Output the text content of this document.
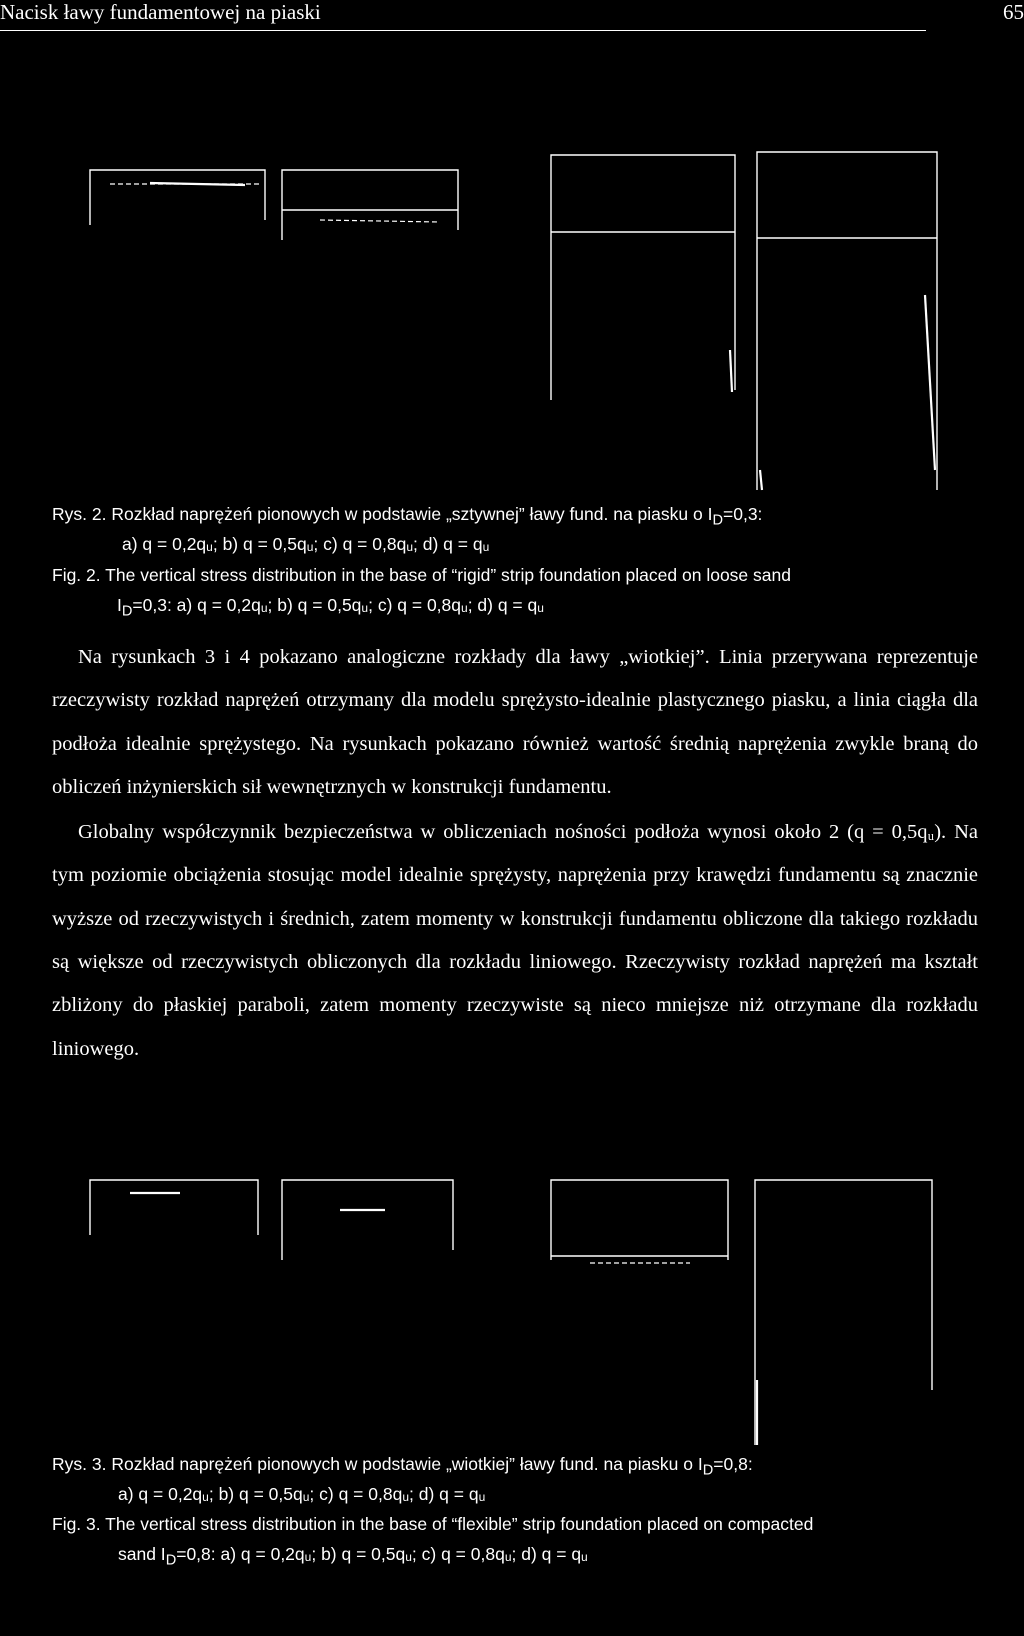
Nacisk ławy fundamentowej na piaski	65
Rys. 2. Rozkład naprężeń pionowych w podstawie „sztywnej” ławy fund. na piasku o $I_D=0,3$:
a) q = 0,2qᵤ; b) q = 0,5qᵤ; c) q = 0,8qᵤ; d) q = qᵤ
Fig. 2. The vertical stress distribution in the base of “rigid” strip foundation placed on loose sand
$I_D=0,3$: a) q = 0,2qᵤ; b) q = 0,5qᵤ; c) q = 0,8qᵤ; d) q = qᵤ

Na rysunkach 3 i 4 pokazano analogiczne rozkłady dla ławy „wiotkiej”. Linia przerywana reprezentuje rzeczywisty rozkład naprężeń otrzymany dla modelu sprężysto-idealnie plastycznego piasku, a linia ciągła dla podłoża idealnie sprężystego. Na rysunkach pokazano również wartość średnią naprężenia zwykle braną do obliczeń inżynierskich sił wewnętrznych w konstrukcji fundamentu.

Globalny współczynnik bezpieczeństwa w obliczeniach nośności podłoża wynosi około 2 (q = 0,5qᵤ). Na tym poziomie obciążenia stosując model idealnie sprężysty, naprężenia przy krawędzi fundamentu są znacznie wyższe od rzeczywistych i średnich, zatem momenty w konstrukcji fundamentu obliczone dla takiego rozkładu są większe od rzeczywistych obliczonych dla rozkładu liniowego. Rzeczywisty rozkład naprężeń ma kształt zbliżony do płaskiej paraboli, zatem momenty rzeczywiste są nieco mniejsze niż otrzymane dla rozkładu liniowego.

Rys. 3. Rozkład naprężeń pionowych w podstawie „wiotkiej” ławy fund. na piasku o $I_D=0,8$:
a) q = 0,2qᵤ; b) q = 0,5qᵤ; c) q = 0,8qᵤ; d) q = qᵤ
Fig. 3. The vertical stress distribution in the base of “flexible” strip foundation placed on compacted
sand $I_D=0,8$: a) q = 0,2qᵤ; b) q = 0,5qᵤ; c) q = 0,8qᵤ; d) q = qᵤ
